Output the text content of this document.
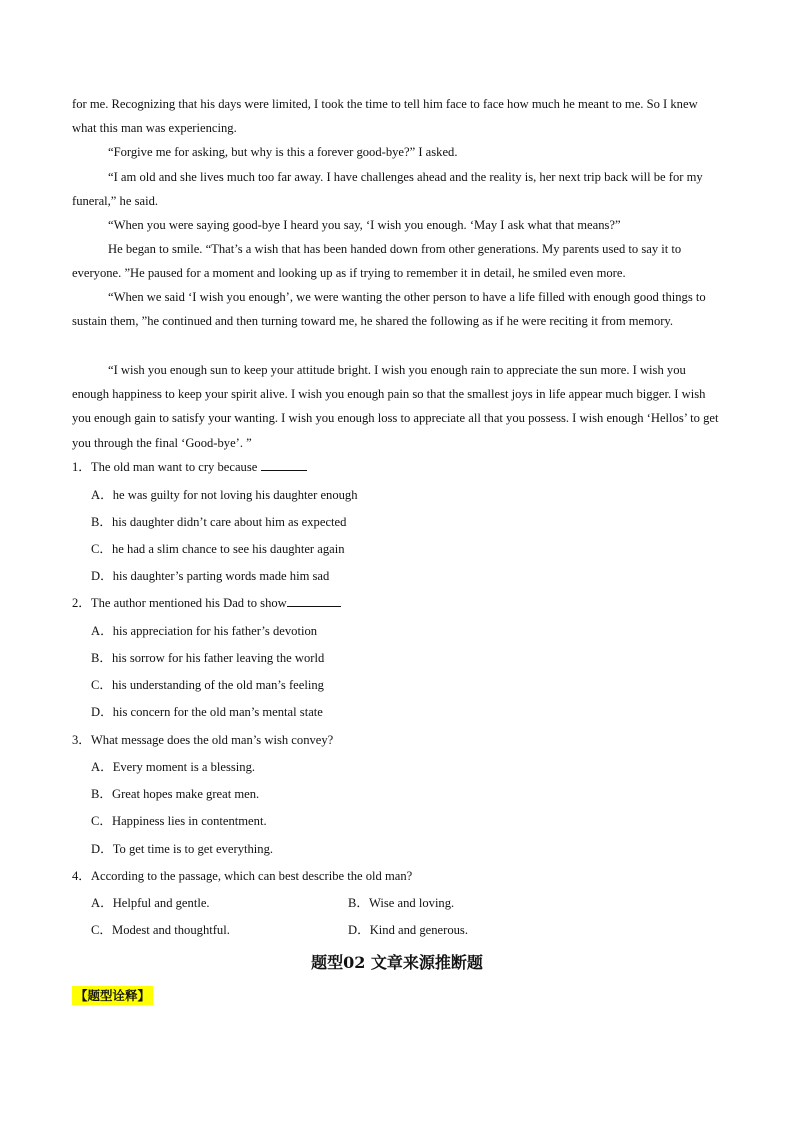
for me. Recognizing that his days were limited, I took the time to tell him face to face how much he meant to me. So I knew what this man was experiencing.

“Forgive me for asking, but why is this a forever good-bye?” I asked.

“I am old and she lives much too far away. I have challenges ahead and the reality is, her next trip back will be for my funeral,” he said.

“When you were saying good-bye I heard you say, ‘I wish you enough. ‘May I ask what that means?”

He began to smile. “That’s a wish that has been handed down from other generations. My parents used to say it to everyone. ”He paused for a moment and looking up as if trying to remember it in detail, he smiled even more.

“When we said ‘I wish you enough’, we were wanting the other person to have a life filled with enough good things to sustain them, ”he continued and then turning toward me, he shared the following as if he were reciting it from memory.

“I wish you enough sun to keep your attitude bright. I wish you enough rain to appreciate the sun more. I wish you enough happiness to keep your spirit alive. I wish you enough pain so that the smallest joys in life appear much bigger. I wish you enough gain to satisfy your wanting. I wish you enough loss to appreciate all that you possess. I wish enough ‘Hellos’ to get you through the final ‘Good-bye’. ”

1．The old man want to cry because

A．he was guilty for not loving his daughter enough

B．his daughter didn’t care about him as expected

C．he had a slim chance to see his daughter again

D．his daughter’s parting words made him sad

2．The author mentioned his Dad to show

A．his appreciation for his father’s devotion

B．his sorrow for his father leaving the world

C．his understanding of the old man’s feeling

D．his concern for the old man’s mental state

3．What message does the old man’s wish convey?

A．Every moment is a blessing.

B．Great hopes make great men.

C．Happiness lies in contentment.

D．To get time is to get everything.

4．According to the passage, which can best describe the old man?

A．Helpful and gentle.	B．Wise and loving.

C．Modest and thoughtful.	D．Kind and generous.

题型02 文章来源推断题
【题型诠释】
